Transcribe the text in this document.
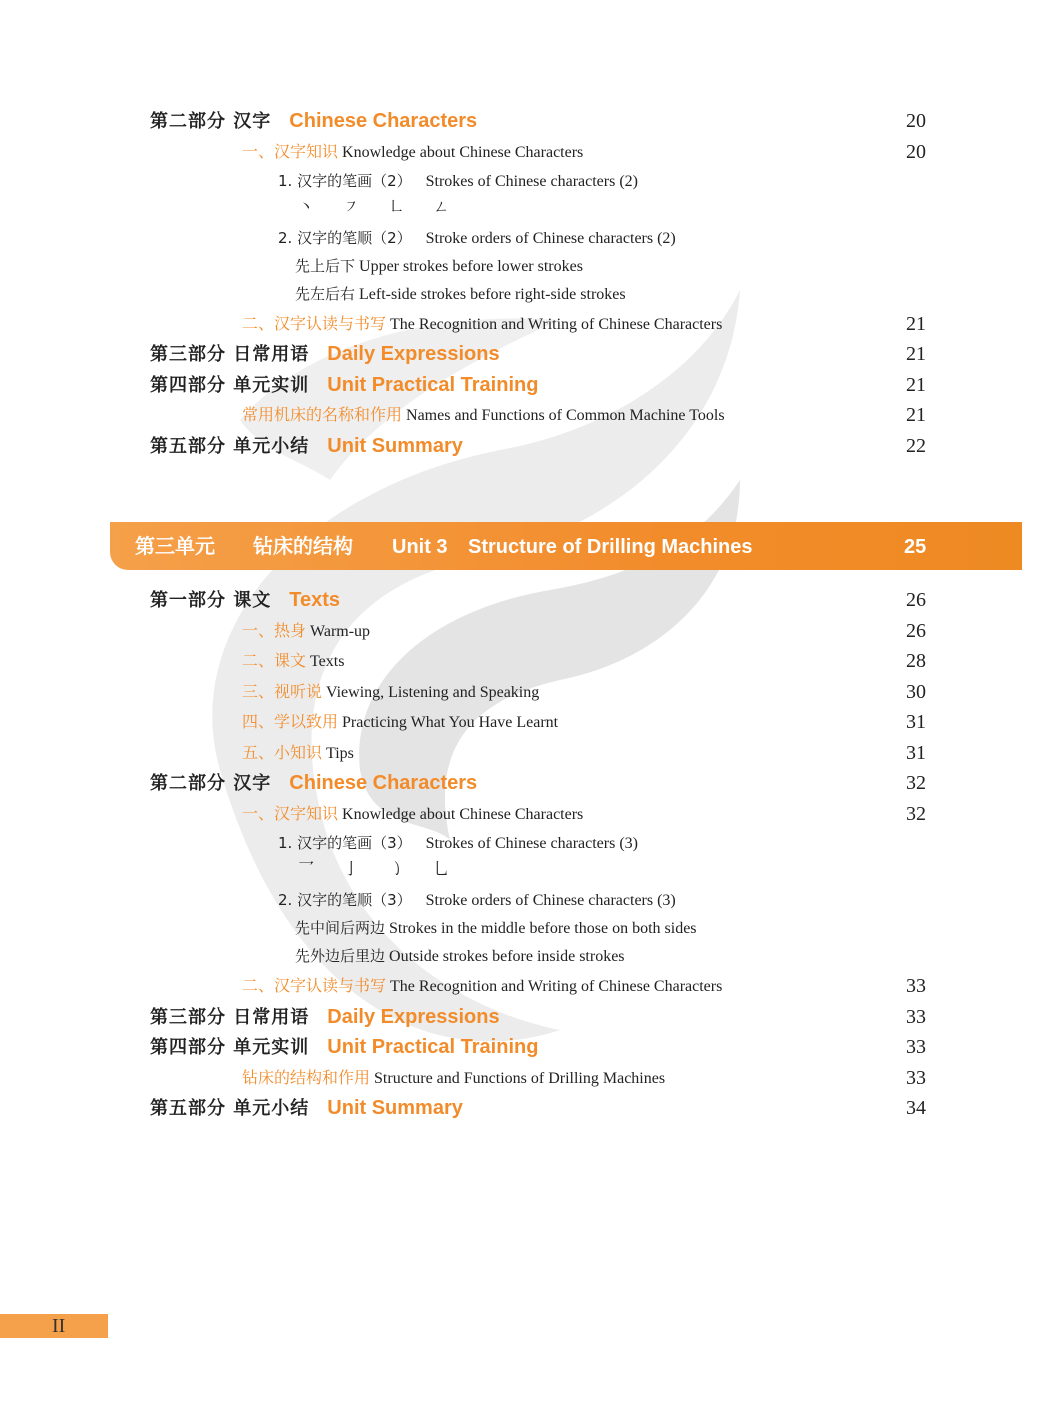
第二部分 汉字 Chinese Characters	20
一、汉字知识 Knowledge about Chinese Characters	20
1. 汉字的笔画（2） Strokes of Chinese characters (2)
丶 ㇇ ㇗ ㄥ
2. 汉字的笔顺（2） Stroke orders of Chinese characters (2)
先上后下 Upper strokes before lower strokes
先左后右 Left-side strokes before right-side strokes
二、汉字认读与书写 The Recognition and Writing of Chinese Characters	21
第三部分 日常用语 Daily Expressions	21
第四部分 单元实训 Unit Practical Training	21
常用机床的名称和作用 Names and Functions of Common Machine Tools	21
第五部分 单元小结 Unit Summary	22
第三单元 钻床的结构 Unit 3 Structure of Drilling Machines	25
第一部分 课文 Texts	26
一、热身 Warm-up	26
二、课文 Texts	28
三、视听说 Viewing, Listening and Speaking	30
四、学以致用 Practicing What You Have Learnt	31
五、小知识 Tips	31
第二部分 汉字 Chinese Characters	32
一、汉字知识 Knowledge about Chinese Characters	32
1. 汉字的笔画（3） Strokes of Chinese characters (3)
乛 亅 ㇁ 乚
2. 汉字的笔顺（3） Stroke orders of Chinese characters (3)
先中间后两边 Strokes in the middle before those on both sides
先外边后里边 Outside strokes before inside strokes
二、汉字认读与书写 The Recognition and Writing of Chinese Characters	33
第三部分 日常用语 Daily Expressions	33
第四部分 单元实训 Unit Practical Training	33
钻床的结构和作用 Structure and Functions of Drilling Machines	33
第五部分 单元小结 Unit Summary	34
II
